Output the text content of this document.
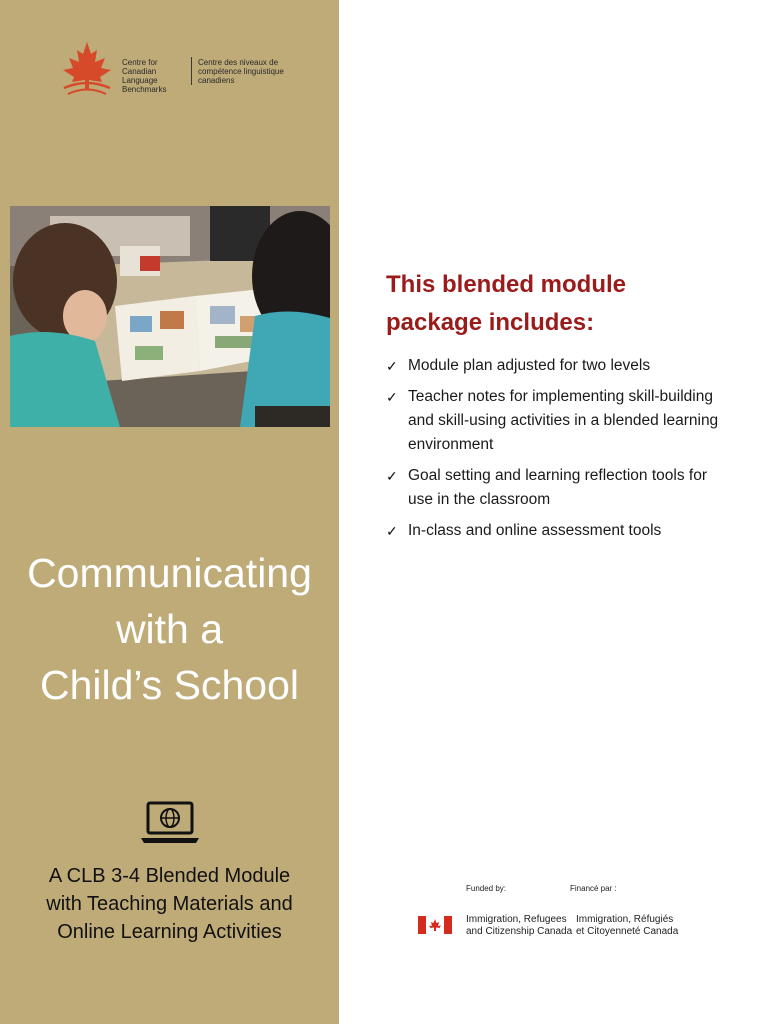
Centre for
Canadian Language
Benchmarks
Centre des niveaux de
compétence linguistique
canadiens
Communicating
with a
Child’s School
A CLB 3-4 Blended Module
with Teaching Materials and
Online Learning Activities
This blended module
package includes:
✓ Module plan adjusted for two levels
✓ Teacher notes for implementing skill-building and skill-using activities in a blended learning environment
✓ Goal setting and learning reflection tools for use in the classroom
✓ In-class and online assessment tools
Funded by:	Financé par :
Immigration, Refugees
and Citizenship Canada
Immigration, Réfugiés
et Citoyenneté Canada
